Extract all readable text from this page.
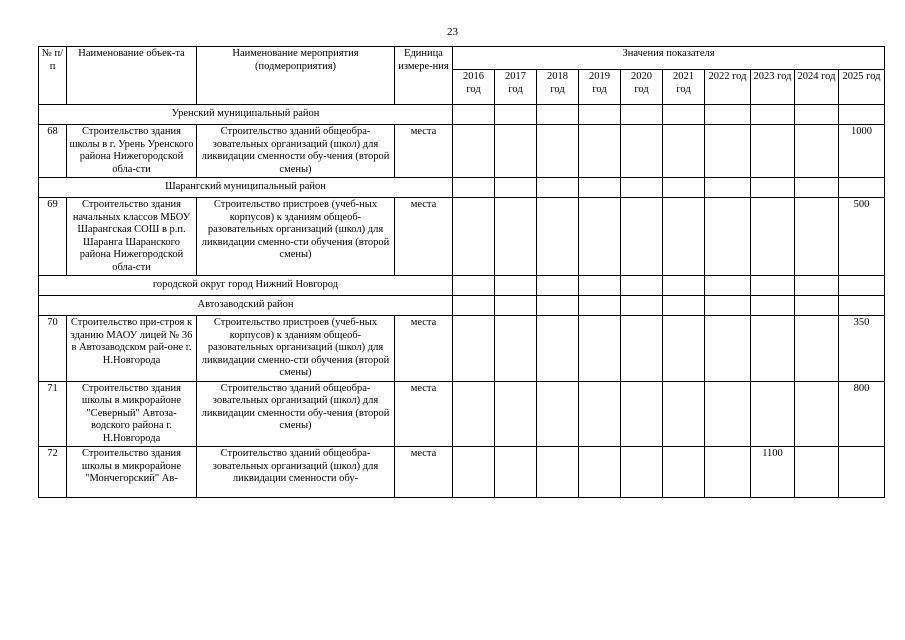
23
№ п/п	Наименование объек-та	Наименование мероприятия (подмероприятия)	Единица измере-ния	Значения показателя									
				2016 год	2017 год	2018 год	2019 год	2020 год	2021 год	2022 год	2023 год	2024 год	2025 год
Уренский муниципальный район													
68	Строительство здания школы в г. Урень Уренского района Нижегородской обла-сти	Строительство зданий общеобра-зовательных организаций (школ) для ликвидации сменности обу-чения (второй смены)	места										1000
Шарангский муниципальный район													
69	Строительство здания начальных классов МБОУ Шарангская СОШ в р.п. Шаранга Шаранского района Нижегородской обла-сти	Строительство пристроев (учеб-ных корпусов) к зданиям общеоб-разовательных организаций (школ) для ликвидации сменно-сти обучения (второй смены)	места										500
городской округ город Нижний Новгород													
Автозаводский район													
70	Строительство при-строя к зданию МАОУ лицей № 36 в Автозаводском рай-оне г. Н.Новгорода	Строительство пристроев (учеб-ных корпусов) к зданиям общеоб-разовательных организаций (школ) для ликвидации сменно-сти обучения (второй смены)	места										350
71	Строительство здания школы в микрорайоне "Северный" Автоза-водского района г. Н.Новгорода	Строительство зданий общеобра-зовательных организаций (школ) для ликвидации сменности обу-чения (второй смены)	места										800
72	Строительство здания школы в микрорайоне "Мончегорский" Ав-	Строительство зданий общеобра-зовательных организаций (школ) для ликвидации сменности обу-	места								1100		
